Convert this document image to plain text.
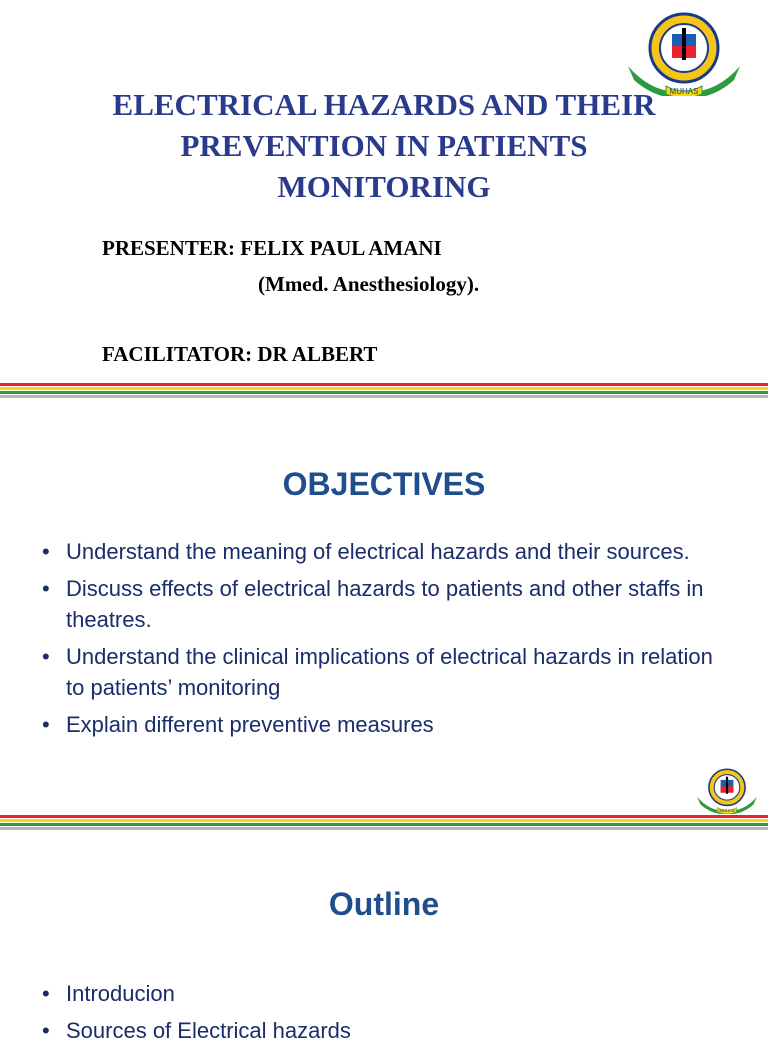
MUHAS
ELECTRICAL HAZARDS AND THEIR
PREVENTION IN PATIENTS
MONITORING
PRESENTER: FELIX PAUL AMANI
(Mmed. Anesthesiology).
FACILITATOR: DR ALBERT
OBJECTIVES
• Understand the meaning of electrical hazards and their sources.
• Discuss effects of electrical hazards to patients and other staffs in theatres.
• Understand the clinical implications of electrical hazards in relation to patients’ monitoring
• Explain different preventive measures
MUHAS
Outline
• Introducion
• Sources of Electrical hazards
